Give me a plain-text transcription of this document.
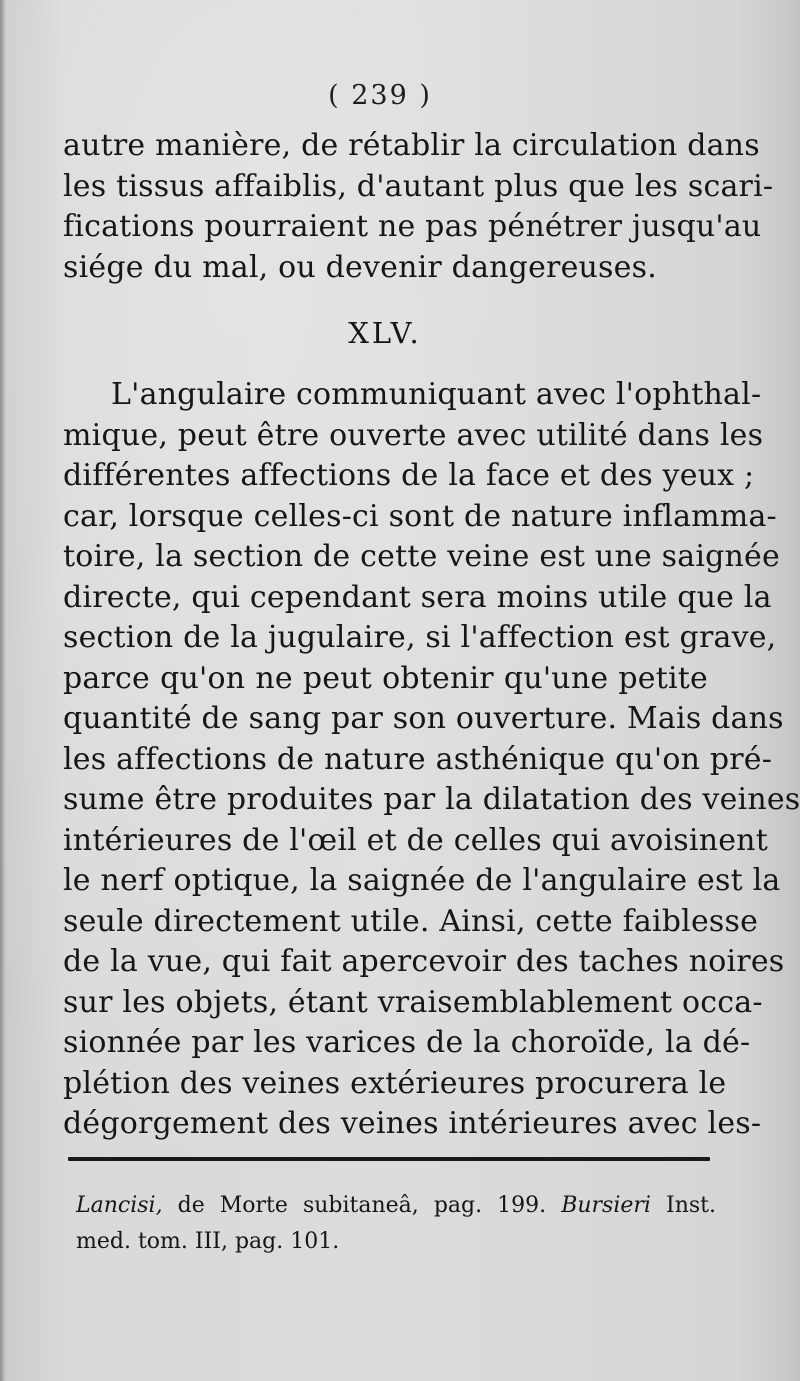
( 239 )
autre manière, de rétablir la circulation dans
les tissus affaiblis, d'autant plus que les scari-
fications pourraient ne pas pénétrer jusqu'au
siége du mal, ou devenir dangereuses.
XLV.
L'angulaire communiquant avec l'ophthal-
mique, peut être ouverte avec utilité dans les
différentes affections de la face et des yeux ;
car, lorsque celles-ci sont de nature inflamma-
toire, la section de cette veine est une saignée
directe, qui cependant sera moins utile que la
section de la jugulaire, si l'affection est grave,
parce qu'on ne peut obtenir qu'une petite
quantité de sang par son ouverture. Mais dans
les affections de nature asthénique qu'on pré-
sume être produites par la dilatation des veines
intérieures de l'œil et de celles qui avoisinent
le nerf optique, la saignée de l'angulaire est la
seule directement utile. Ainsi, cette faiblesse
de la vue, qui fait apercevoir des taches noires
sur les objets, étant vraisemblablement occa-
sionnée par les varices de la choroïde, la dé-
plétion des veines extérieures procurera le
dégorgement des veines intérieures avec les-
Lancisi, de Morte subitaneâ, pag. 199. Bursieri Inst.
med. tom. III, pag. 101.
